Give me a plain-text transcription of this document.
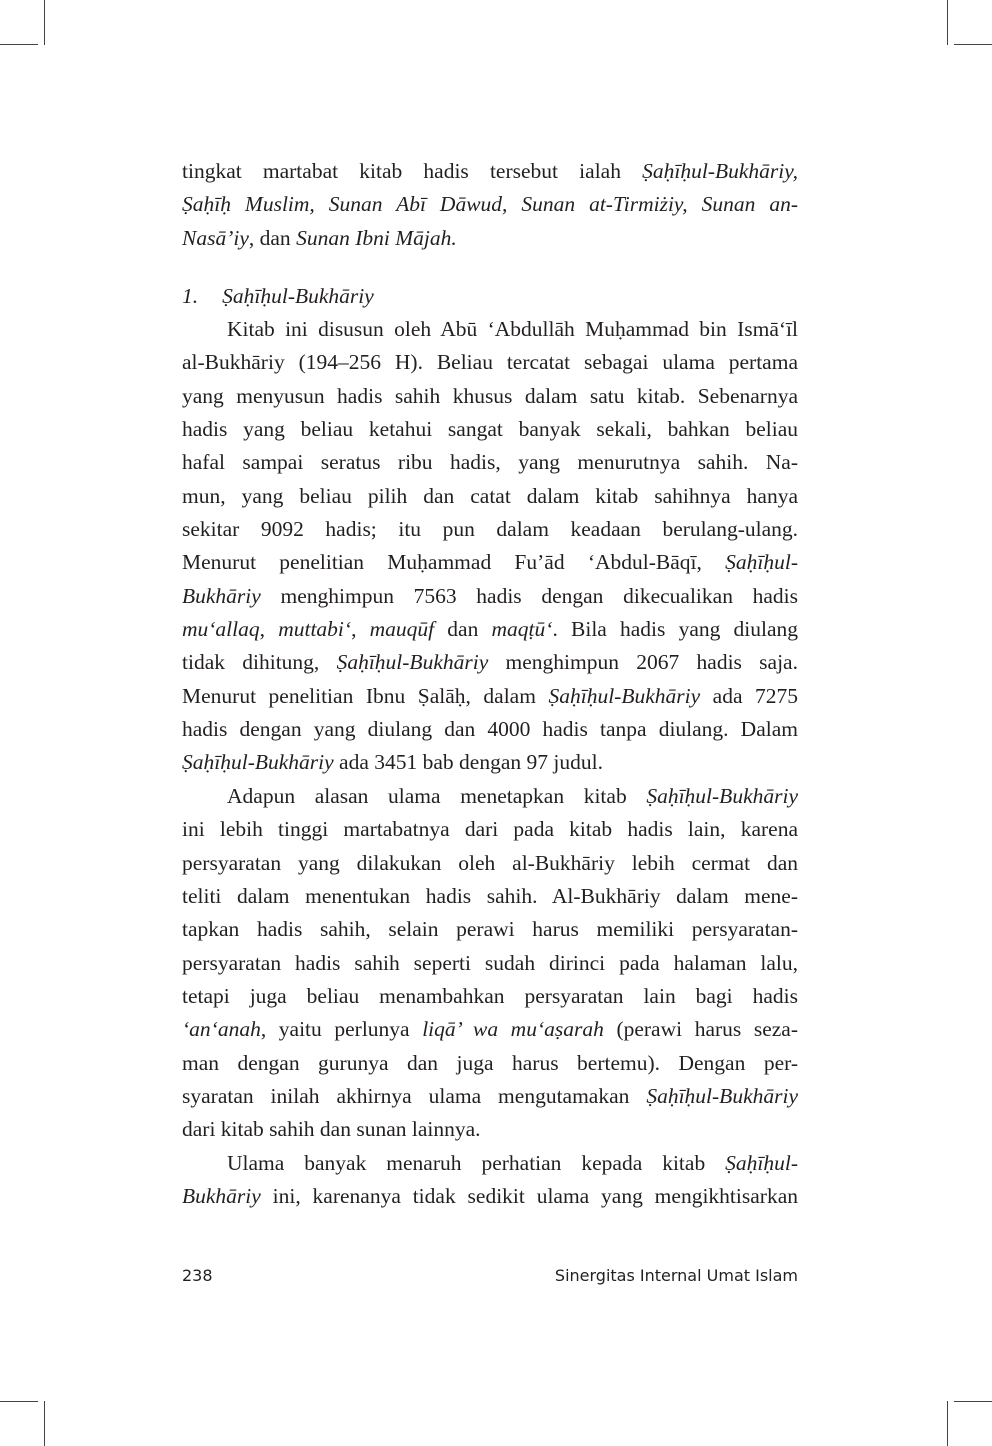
tingkat martabat kitab hadis tersebut ialah Ṣaḥīḥul-Bukhāriy,
Ṣaḥīḥ Muslim, Sunan Abī Dāwud, Sunan at-Tirmiżiy, Sunan an-
Nasā’iy, dan Sunan Ibni Mājah.
1. Ṣaḥīḥul-Bukhāriy
Kitab ini disusun oleh Abū ‘Abdullāh Muḥammad bin Ismā‘īl
al-Bukhāriy (194–256 H). Beliau tercatat sebagai ulama pertama
yang menyusun hadis sahih khusus dalam satu kitab. Sebenarnya
hadis yang beliau ketahui sangat banyak sekali, bahkan beliau
hafal sampai seratus ribu hadis, yang menurutnya sahih. Na-
mun, yang beliau pilih dan catat dalam kitab sahihnya hanya
sekitar 9092 hadis; itu pun dalam keadaan berulang-ulang.
Menurut penelitian Muḥammad Fu’ād ‘Abdul-Bāqī, Ṣaḥīḥul-
Bukhāriy menghimpun 7563 hadis dengan dikecualikan hadis
mu‘allaq, muttabi‘, mauqūf dan maqṭū‘. Bila hadis yang diulang
tidak dihitung, Ṣaḥīḥul-Bukhāriy menghimpun 2067 hadis saja.
Menurut penelitian Ibnu Ṣalāḥ, dalam Ṣaḥīḥul-Bukhāriy ada 7275
hadis dengan yang diulang dan 4000 hadis tanpa diulang. Dalam
Ṣaḥīḥul-Bukhāriy ada 3451 bab dengan 97 judul.
Adapun alasan ulama menetapkan kitab Ṣaḥīḥul-Bukhāriy
ini lebih tinggi martabatnya dari pada kitab hadis lain, karena
persyaratan yang dilakukan oleh al-Bukhāriy lebih cermat dan
teliti dalam menentukan hadis sahih. Al-Bukhāriy dalam mene-
tapkan hadis sahih, selain perawi harus memiliki persyaratan-
persyaratan hadis sahih seperti sudah dirinci pada halaman lalu,
tetapi juga beliau menambahkan persyaratan lain bagi hadis
‘an‘anah, yaitu perlunya liqā’ wa mu‘aṣarah (perawi harus seza-
man dengan gurunya dan juga harus bertemu). Dengan per-
syaratan inilah akhirnya ulama mengutamakan Ṣaḥīḥul-Bukhāriy
dari kitab sahih dan sunan lainnya.
Ulama banyak menaruh perhatian kepada kitab Ṣaḥīḥul-
Bukhāriy ini, karenanya tidak sedikit ulama yang mengikhtisarkan
238	Sinergitas Internal Umat Islam
